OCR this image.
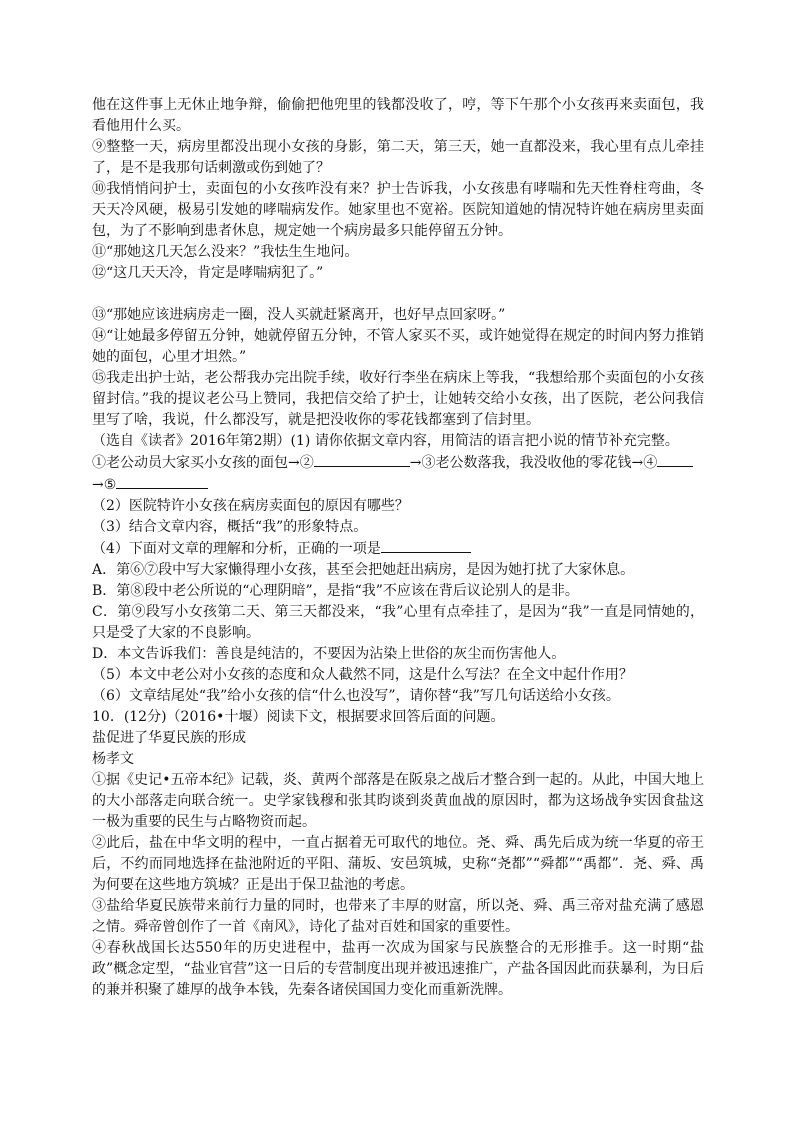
他在这件事上无休止地争辩，偷偷把他兜里的钱都没收了，哼，等下午那个小女孩再来卖面包，我看他用什么买。

⑨整整一天，病房里都没出现小女孩的身影，第二天，第三天，她一直都没来，我心里有点儿牵挂了，是不是我那句话刺激或伤到她了？

⑩我悄悄问护士，卖面包的小女孩咋没有来？护士告诉我，小女孩患有哮喘和先天性脊柱弯曲，冬天天冷风硬，极易引发她的哮喘病发作。她家里也不宽裕。医院知道她的情况特许她在病房里卖面包，为了不影响到患者休息，规定她一个病房最多只能停留五分钟。

⑪“那她这几天怎么没来？”我怯生生地问。

⑫“这几天天冷，肯定是哮喘病犯了。”

⑬“那她应该进病房走一圈，没人买就赶紧离开，也好早点回家呀。”

⑭“让她最多停留五分钟，她就停留五分钟，不管人家买不买，或许她觉得在规定的时间内努力推销她的面包，心里才坦然。”

⑮我走出护士站，老公帮我办完出院手续，收好行李坐在病床上等我，“我想给那个卖面包的小女孩留封信。”我的提议老公马上赞同，我把信交给了护士，让她转交给小女孩，出了医院，老公问我信里写了啥，我说，什么都没写，就是把没收你的零花钱都塞到了信封里。

（选自《读者》2016年第2期）(1) 请你依据文章内容，用简洁的语言把小说的情节补充完整。

①老公动员大家买小女孩的面包→②	→③老公数落我，我没收他的零花钱→④
→⑤

（2）医院特许小女孩在病房卖面包的原因有哪些？

（3）结合文章内容，概括“我”的形象特点。

（4）下面对文章的理解和分析，正确的一项是

A．第⑥⑦段中写大家懒得理小女孩，甚至会把她赶出病房，是因为她打扰了大家休息。

B．第⑧段中老公所说的“心理阴暗”，是指“我”不应该在背后议论别人的是非。

C．第⑨段写小女孩第二天、第三天都没来，“我”心里有点牵挂了，是因为“我”一直是同情她的，只是受了大家的不良影响。

D．本文告诉我们：善良是纯洁的，不要因为沾染上世俗的灰尘而伤害他人。

（5）本文中老公对小女孩的态度和众人截然不同，这是什么写法？在全文中起什作用？

（6）文章结尾处“我”给小女孩的信“什么也没写”，请你替“我”写几句话送给小女孩。

10．(12分)（2016•十堰）阅读下文，根据要求回答后面的问题。

盐促进了华夏民族的形成

杨孝文

①据《史记•五帝本纪》记载，炎、黄两个部落是在阪泉之战后才整合到一起的。从此，中国大地上的大小部落走向联合统一。史学家钱穆和张其昀谈到炎黄血战的原因时，都为这场战争实因食盐这一极为重要的民生与占略物资而起。

②此后，盐在中华文明的程中，一直占据着无可取代的地位。尧、舜、禹先后成为统一华夏的帝王后，不约而同地选择在盐池附近的平阳、蒲坂、安邑筑城，史称“尧都”“舜都”“禹都”．尧、舜、禹为何要在这些地方筑城？正是出于保卫盐池的考虑。

③盐给华夏民族带来前行力量的同时，也带来了丰厚的财富，所以尧、舜、禹三帝对盐充满了感恩之情。舜帝曾创作了一首《南风》，诗化了盐对百姓和国家的重要性。

④春秋战国长达550年的历史进程中，盐再一次成为国家与民族整合的无形推手。这一时期“盐政”概念定型，“盐业官营”这一日后的专营制度出现并被迅速推广，产盐各国因此而获暴利，为日后的兼并积聚了雄厚的战争本钱，先秦各诸侯国国力变化而重新洗牌。
